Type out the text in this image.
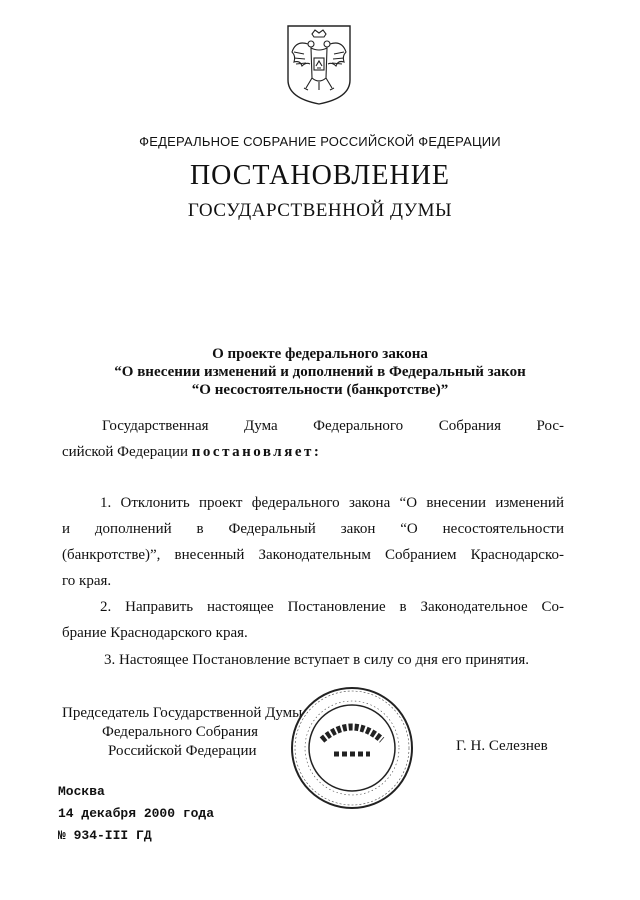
ФЕДЕРАЛЬНОЕ СОБРАНИЕ РОССИЙСКОЙ ФЕДЕРАЦИИ
ПОСТАНОВЛЕНИЕ
ГОСУДАРСТВЕННОЙ ДУМЫ
О проекте федерального закона
“О внесении изменений и дополнений в Федеральный закон
“О несостоятельности (банкротстве)”
Государственная Дума Федерального Собрания Рос-
сийской Федерации постановляет:
1. Отклонить проект федерального закона “О внесении изменений
и дополнений в Федеральный закон “О несостоятельности
(банкротстве)”, внесенный Законодательным Собранием Краснодарско-
го края.
2. Направить настоящее Постановление в Законодательное Со-
брание Краснодарского края.
3. Настоящее Постановление вступает в силу со дня его принятия.
Председатель Государственной Думы
Федерального Собрания
Российской Федерации	Г. Н. Селезнев
Москва
14 декабря 2000 года
№ 934-III ГД
